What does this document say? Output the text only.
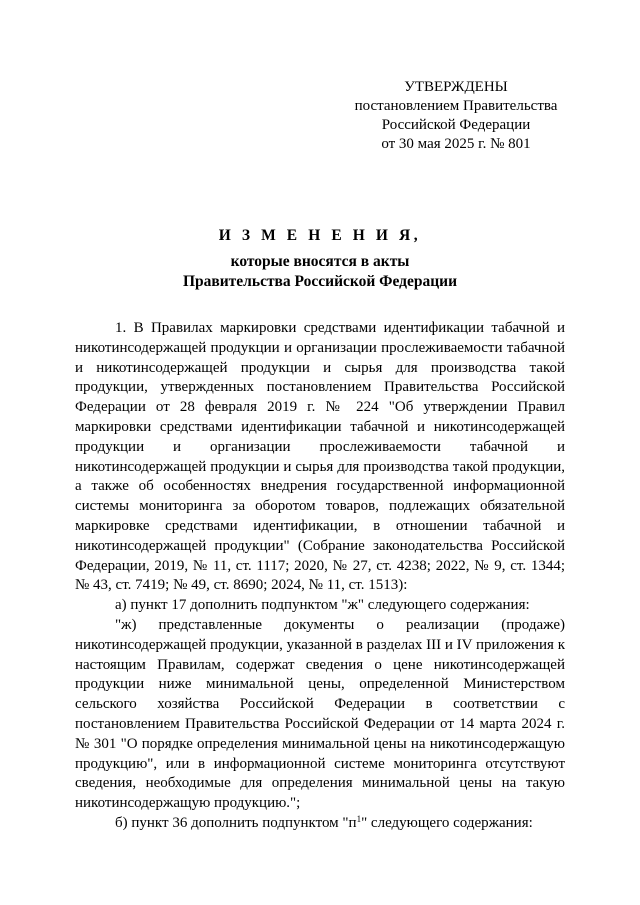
УТВЕРЖДЕНЫ
постановлением Правительства
Российской Федерации
от 30 мая 2025 г. № 801
И З М Е Н Е Н И Я,
которые вносятся в акты
Правительства Российской Федерации

1. В Правилах маркировки средствами идентификации табачной и никотинсодержащей продукции и организации прослеживаемости табачной и никотинсодержащей продукции и сырья для производства такой продукции, утвержденных постановлением Правительства Российской Федерации от 28 февраля 2019 г. № 224 "Об утверждении Правил маркировки средствами идентификации табачной и никотинсодержащей продукции и организации прослеживаемости табачной и никотинсодержащей продукции и сырья для производства такой продукции, а также об особенностях внедрения государственной информационной системы мониторинга за оборотом товаров, подлежащих обязательной маркировке средствами идентификации, в отношении табачной и никотинсодержащей продукции" (Собрание законодательства Российской Федерации, 2019, № 11, ст. 1117; 2020, № 27, ст. 4238; 2022, № 9, ст. 1344; № 43, ст. 7419; № 49, ст. 8690; 2024, № 11, ст. 1513):

а) пункт 17 дополнить подпунктом "ж" следующего содержания:

"ж) представленные документы о реализации (продаже) никотинсодержащей продукции, указанной в разделах III и IV приложения к настоящим Правилам, содержат сведения о цене никотинсодержащей продукции ниже минимальной цены, определенной Министерством сельского хозяйства Российской Федерации в соответствии с постановлением Правительства Российской Федерации от 14 марта 2024 г. № 301 "О порядке определения минимальной цены на никотинсодержащую продукцию", или в информационной системе мониторинга отсутствуют сведения, необходимые для определения минимальной цены на такую никотинсодержащую продукцию.";

б) пункт 36 дополнить подпунктом "$п^1$" следующего содержания:
